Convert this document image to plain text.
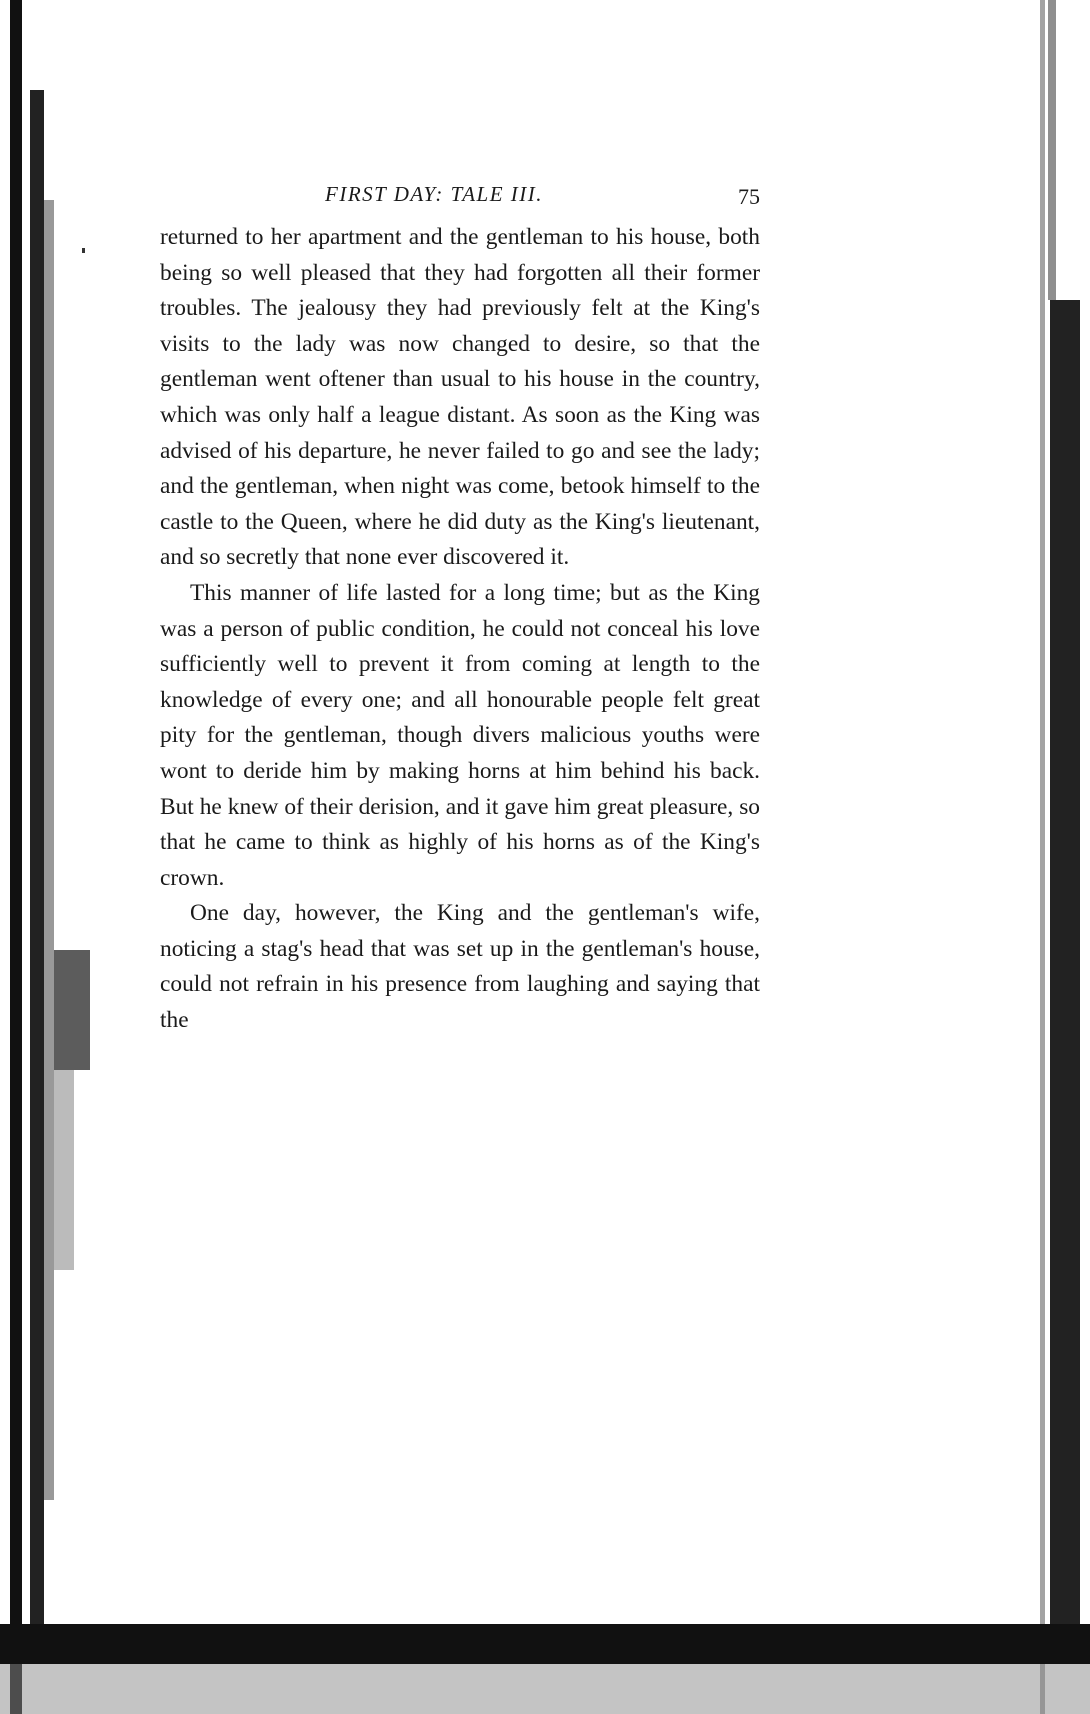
FIRST DAY: TALE III.	75

returned to her apartment and the gentleman to his house, both being so well pleased that they had forgotten all their former troubles. The jealousy they had previously felt at the King's visits to the lady was now changed to desire, so that the gentleman went oftener than usual to his house in the country, which was only half a league distant. As soon as the King was advised of his departure, he never failed to go and see the lady; and the gentleman, when night was come, betook himself to the castle to the Queen, where he did duty as the King's lieutenant, and so secretly that none ever discovered it.

This manner of life lasted for a long time; but as the King was a person of public condition, he could not conceal his love sufficiently well to prevent it from coming at length to the knowledge of every one; and all honourable people felt great pity for the gentleman, though divers malicious youths were wont to deride him by making horns at him behind his back. But he knew of their derision, and it gave him great pleasure, so that he came to think as highly of his horns as of the King's crown.

One day, however, the King and the gentleman's wife, noticing a stag's head that was set up in the gentleman's house, could not refrain in his presence from laughing and saying that the
